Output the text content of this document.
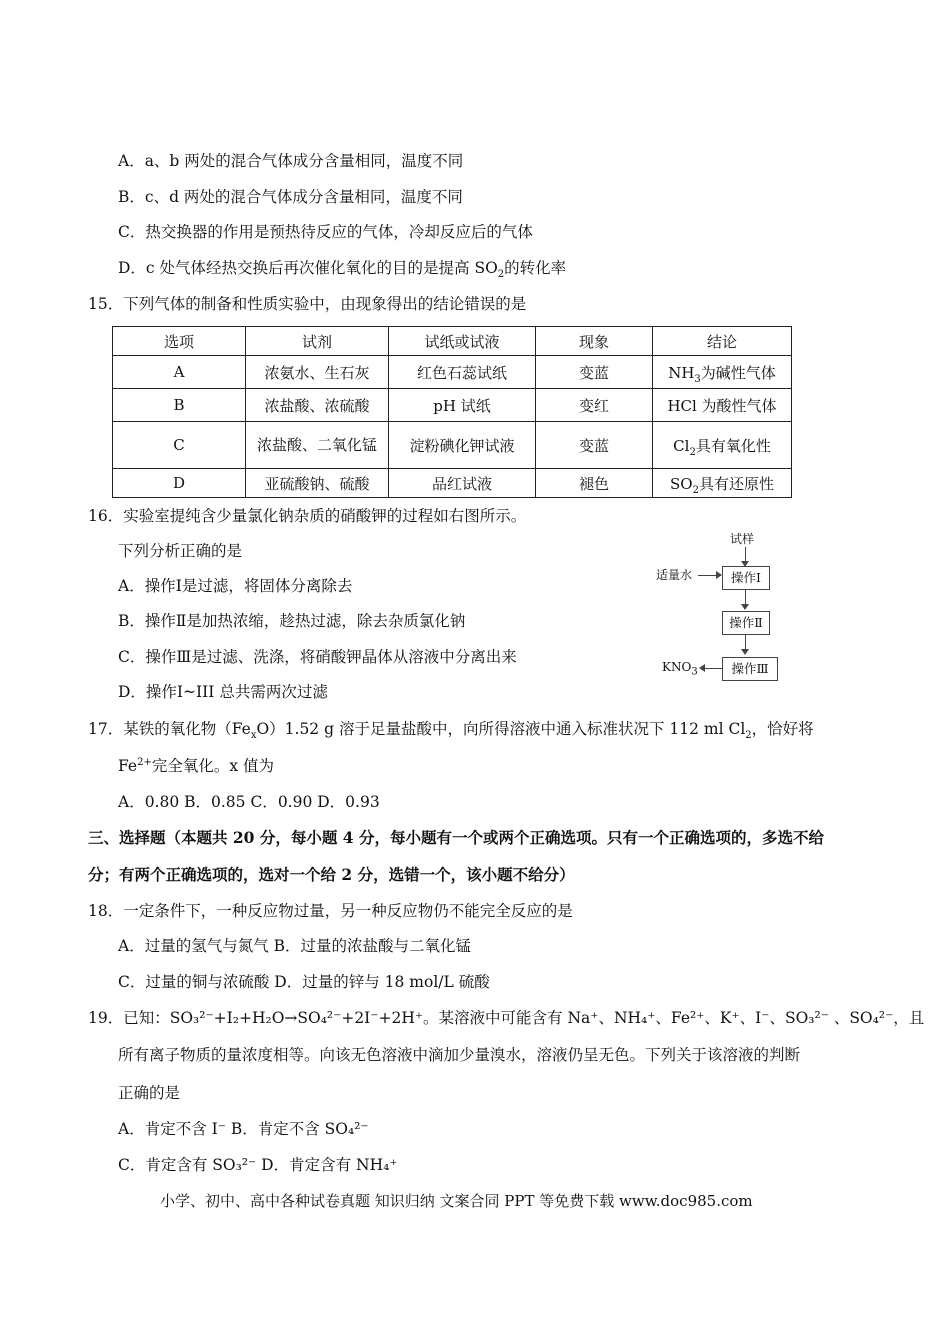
A．a、b 两处的混合气体成分含量相同，温度不同
B．c、d 两处的混合气体成分含量相同，温度不同
C．热交换器的作用是预热待反应的气体，冷却反应后的气体
D．c 处气体经热交换后再次催化氧化的目的是提高 $SO_2$的转化率
15．下列气体的制备和性质实验中，由现象得出的结论错误的是
选项	试剂	试纸或试液	现象	结论
A	浓氨水、生石灰	红色石蕊试纸	变蓝	$NH_3$为碱性气体
B	浓盐酸、浓硫酸	pH 试纸	变红	HCl 为酸性气体
C	浓盐酸、二氧化锰	淀粉碘化钾试液	变蓝	$Cl_2$具有氧化性
D	亚硫酸钠、硫酸	品红试液	褪色	$SO_2$具有还原性
16．实验室提纯含少量氯化钠杂质的硝酸钾的过程如右图所示。
下列分析正确的是
A．操作Ⅰ是过滤，将固体分离除去
B．操作Ⅱ是加热浓缩，趁热过滤，除去杂质氯化钠
C．操作Ⅲ是过滤、洗涤，将硝酸钾晶体从溶液中分离出来
D．操作Ⅰ~III 总共需两次过滤
试样
适量水	操作Ⅰ
操作Ⅱ
操作Ⅲ
$KNO_3$
17．某铁的氧化物$(Fe_xO)1.52$ g 溶于足量盐酸中，向所得溶液中通入标准状况下 112 ml $Cl_2$，恰好将
$Fe^{2+}$完全氧化。x 值为
A．0.80 B．0.85 C．0.90 D．0.93
三、选择题（本题共 20 分，每小题 4 分，每小题有一个或两个正确选项。只有一个正确选项的，多选不给
分；有两个正确选项的，选对一个给 2 分，选错一个，该小题不给分）
18．一定条件下，一种反应物过量，另一种反应物仍不能完全反应的是
A．过量的氢气与氮气 B．过量的浓盐酸与二氧化锰
C．过量的铜与浓硫酸 D．过量的锌与 18 mol/L 硫酸
19．已知：SO₃²⁻+I₂+H₂O→SO₄²⁻+2I⁻+2H⁺。某溶液中可能含有 Na⁺、NH₄⁺、Fe²⁺、K⁺、I⁻、SO₃²⁻ 、SO₄²⁻，且
所有离子物质的量浓度相等。向该无色溶液中滴加少量溴水，溶液仍呈无色。下列关于该溶液的判断
正确的是
A．肯定不含 I⁻ B．肯定不含 SO₄²⁻
C．肯定含有 SO₃²⁻ D．肯定含有 NH₄⁺
小学、初中、高中各种试卷真题 知识归纳 文案合同 PPT 等免费下载 www.doc985.com
